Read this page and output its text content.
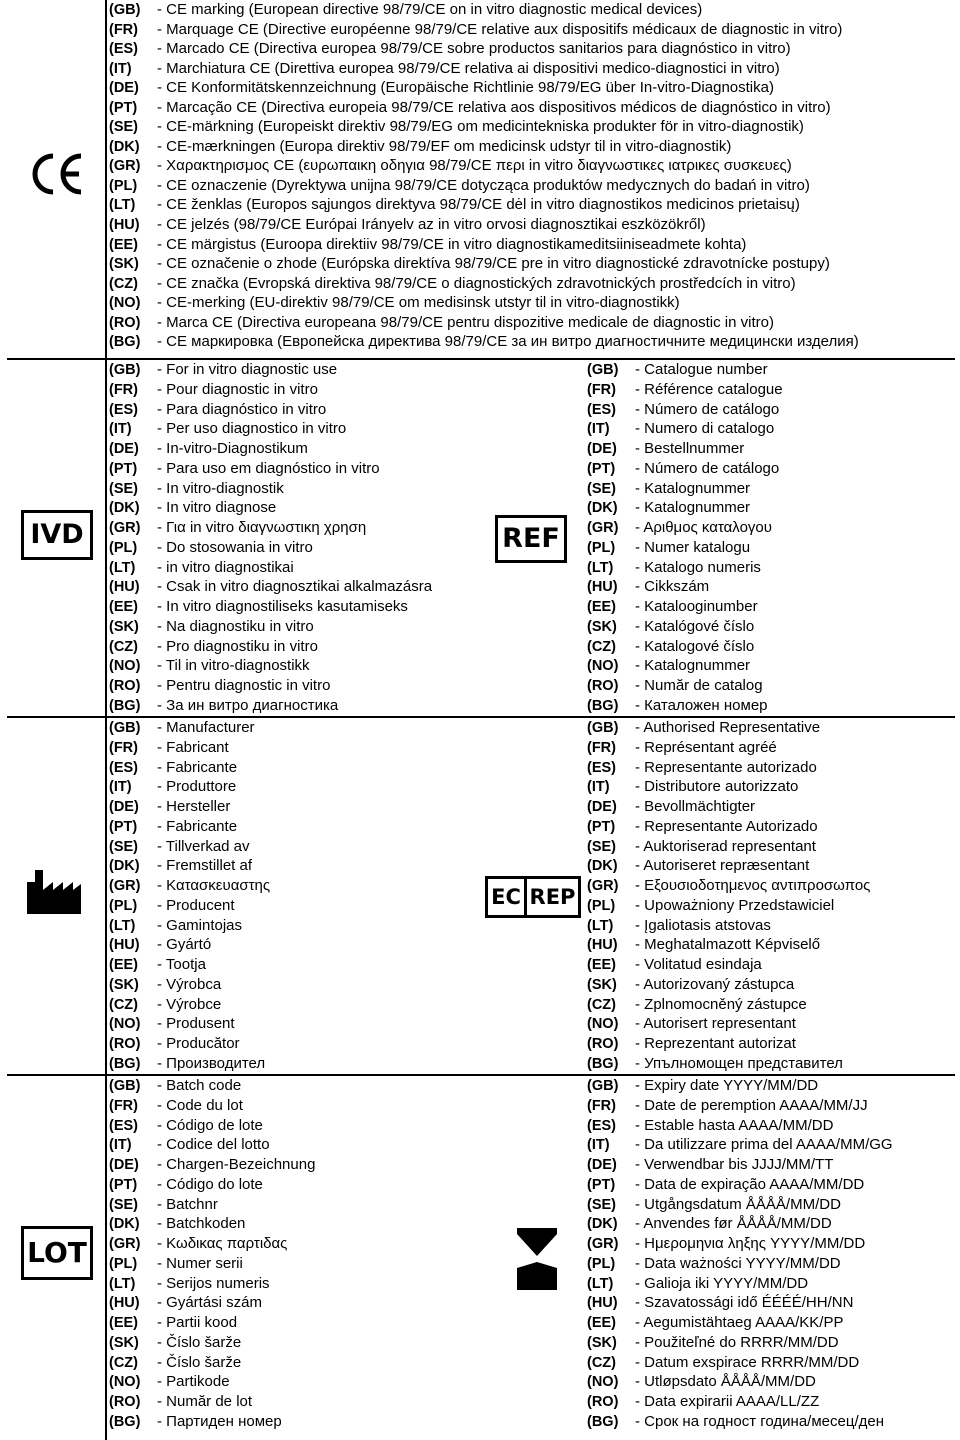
(GB) - CE marking (European directive 98/79/CE on in vitro diagnostic medical devices)
(FR) - Marquage CE (Directive européenne 98/79/CE relative aux dispositifs médicaux de diagnostic in vitro)
(ES) - Marcado CE (Directiva europea 98/79/CE sobre productos sanitarios para diagnóstico in vitro)
(IT) - Marchiatura CE (Direttiva europea 98/79/CE relativa ai dispositivi medico-diagnostici in vitro)
(DE) - CE Konformitätskennzeichnung (Europäische Richtlinie 98/79/EG über In-vitro-Diagnostika)
(PT) - Marcação CE (Directiva europeia 98/79/CE relativa aos dispositivos médicos de diagnóstico in vitro)
(SE) - CE-märkning (Europeiskt direktiv 98/79/EG om medicintekniska produkter för in vitro-diagnostik)
(DK) - CE-mærkningen (Europa direktiv 98/79/EF om medicinsk udstyr til in vitro-diagnostik)
(GR) - Χαρακτηρισμος CE (ευρωπαικη οδηγια 98/79/CE περι in vitro διαγνωστικες ιατρικες συσκευες)
(PL) - CE oznaczenie (Dyrektywa unijna 98/79/CE dotycząca produktów medycznych do badań in vitro)
(LT) - CE ženklas (Europos sąjungos direktyva 98/79/CE dėl in vitro diagnostikos medicinos prietaisų)
(HU) - CE jelzés (98/79/CE Európai Irányelv az in vitro orvosi diagnosztikai eszközökről)
(EE) - CE märgistus (Euroopa direktiiv 98/79/CE in vitro diagnostikameditsiiniseadmete kohta)
(SK) - CE označenie o zhode (Európska direktíva 98/79/CE pre in vitro diagnostické zdravotnícke postupy)
(CZ) - CE značka (Evropská direktiva 98/79/CE o diagnostických zdravotnických prostředcích in vitro)
(NO) - CE-merking (EU-direktiv 98/79/CE om medisinsk utstyr til in vitro-diagnostikk)
(RO) - Marca CE (Directiva europeana 98/79/CE pentru dispozitive medicale de diagnostic in vitro)
(BG) - CE маркировка (Европейска директива 98/79/CE за ин витро диагностичните медицински изделия)
IVD
(GB) - For in vitro diagnostic use
(FR) - Pour diagnostic in vitro
(ES) - Para diagnóstico in vitro
(IT) - Per uso diagnostico in vitro
(DE) - In-vitro-Diagnostikum
(PT) - Para uso em diagnóstico in vitro
(SE) - In vitro-diagnostik
(DK) - In vitro diagnose
(GR) - Για in vitro διαγνωστικη χρηση
(PL) - Do stosowania in vitro
(LT) - in vitro diagnostikai
(HU) - Csak in vitro diagnosztikai alkalmazásra
(EE) - In vitro diagnostiliseks kasutamiseks
(SK) - Na diagnostiku in vitro
(CZ) - Pro diagnostiku in vitro
(NO) - Til in vitro-diagnostikk
(RO) - Pentru diagnostic in vitro
(BG) - За ин витро диагностика
REF
(GB) - Catalogue number
(FR) - Référence catalogue
(ES) - Número de catálogo
(IT) - Numero di catalogo
(DE) - Bestellnummer
(PT) - Número de catálogo
(SE) - Katalognummer
(DK) - Katalognummer
(GR) - Αριθμος καταλογου
(PL) - Numer katalogu
(LT) - Katalogo numeris
(HU) - Cikkszám
(EE) - Katalooginumber
(SK) - Katalógové číslo
(CZ) - Katalogové číslo
(NO) - Katalognummer
(RO) - Număr de catalog
(BG) - Каталожен номер
(GB) - Manufacturer
(FR) - Fabricant
(ES) - Fabricante
(IT) - Produttore
(DE) - Hersteller
(PT) - Fabricante
(SE) - Tillverkad av
(DK) - Fremstillet af
(GR) - Κατασκευαστης
(PL) - Producent
(LT) - Gamintojas
(HU) - Gyártó
(EE) - Tootja
(SK) - Výrobca
(CZ) - Výrobce
(NO) - Produsent
(RO) - Producător
(BG) - Производител
EC REP
(GB) - Authorised Representative
(FR) - Représentant agréé
(ES) - Representante autorizado
(IT) - Distributore autorizzato
(DE) - Bevollmächtigter
(PT) - Representante Autorizado
(SE) - Auktoriserad representant
(DK) - Autoriseret repræsentant
(GR) - Εξουσιοδοτημενος αντιπροσωπος
(PL) - Upoważniony Przedstawiciel
(LT) - Įgaliotasis atstovas
(HU) - Meghatalmazott Képviselő
(EE) - Volitatud esindaja
(SK) - Autorizovaný zástupca
(CZ) - Zplnomocněný zástupce
(NO) - Autorisert representant
(RO) - Reprezentant autorizat
(BG) - Упълномощен представител
LOT
(GB) - Batch code
(FR) - Code du lot
(ES) - Código de lote
(IT) - Codice del lotto
(DE) - Chargen-Bezeichnung
(PT) - Código do lote
(SE) - Batchnr
(DK) - Batchkoden
(GR) - Κωδικας παρτιδας
(PL) - Numer serii
(LT) - Serijos numeris
(HU) - Gyártási szám
(EE) - Partii kood
(SK) - Číslo šarže
(CZ) - Číslo šarže
(NO) - Partikode
(RO) - Număr de lot
(BG) - Партиден номер
(GB) - Expiry date YYYY/MM/DD
(FR) - Date de peremption AAAA/MM/JJ
(ES) - Estable hasta AAAA/MM/DD
(IT) - Da utilizzare prima del AAAA/MM/GG
(DE) - Verwendbar bis JJJJ/MM/TT
(PT) - Data de expiração AAAA/MM/DD
(SE) - Utgångsdatum ÅÅÅÅ/MM/DD
(DK) - Anvendes før ÅÅÅÅ/MM/DD
(GR) - Ημερομηνια ληξης YYYY/MM/DD
(PL) - Data ważności YYYY/MM/DD
(LT) - Galioja iki YYYY/MM/DD
(HU) - Szavatossági idő ÉÉÉÉ/HH/NN
(EE) - Aegumistähtaeg AAAA/KK/PP
(SK) - Použiteľné do RRRR/MM/DD
(CZ) - Datum exspirace RRRR/MM/DD
(NO) - Utløpsdato ÅÅÅÅ/MM/DD
(RO) - Data expirarii AAAA/LL/ZZ
(BG) - Срок на годност година/месец/ден
